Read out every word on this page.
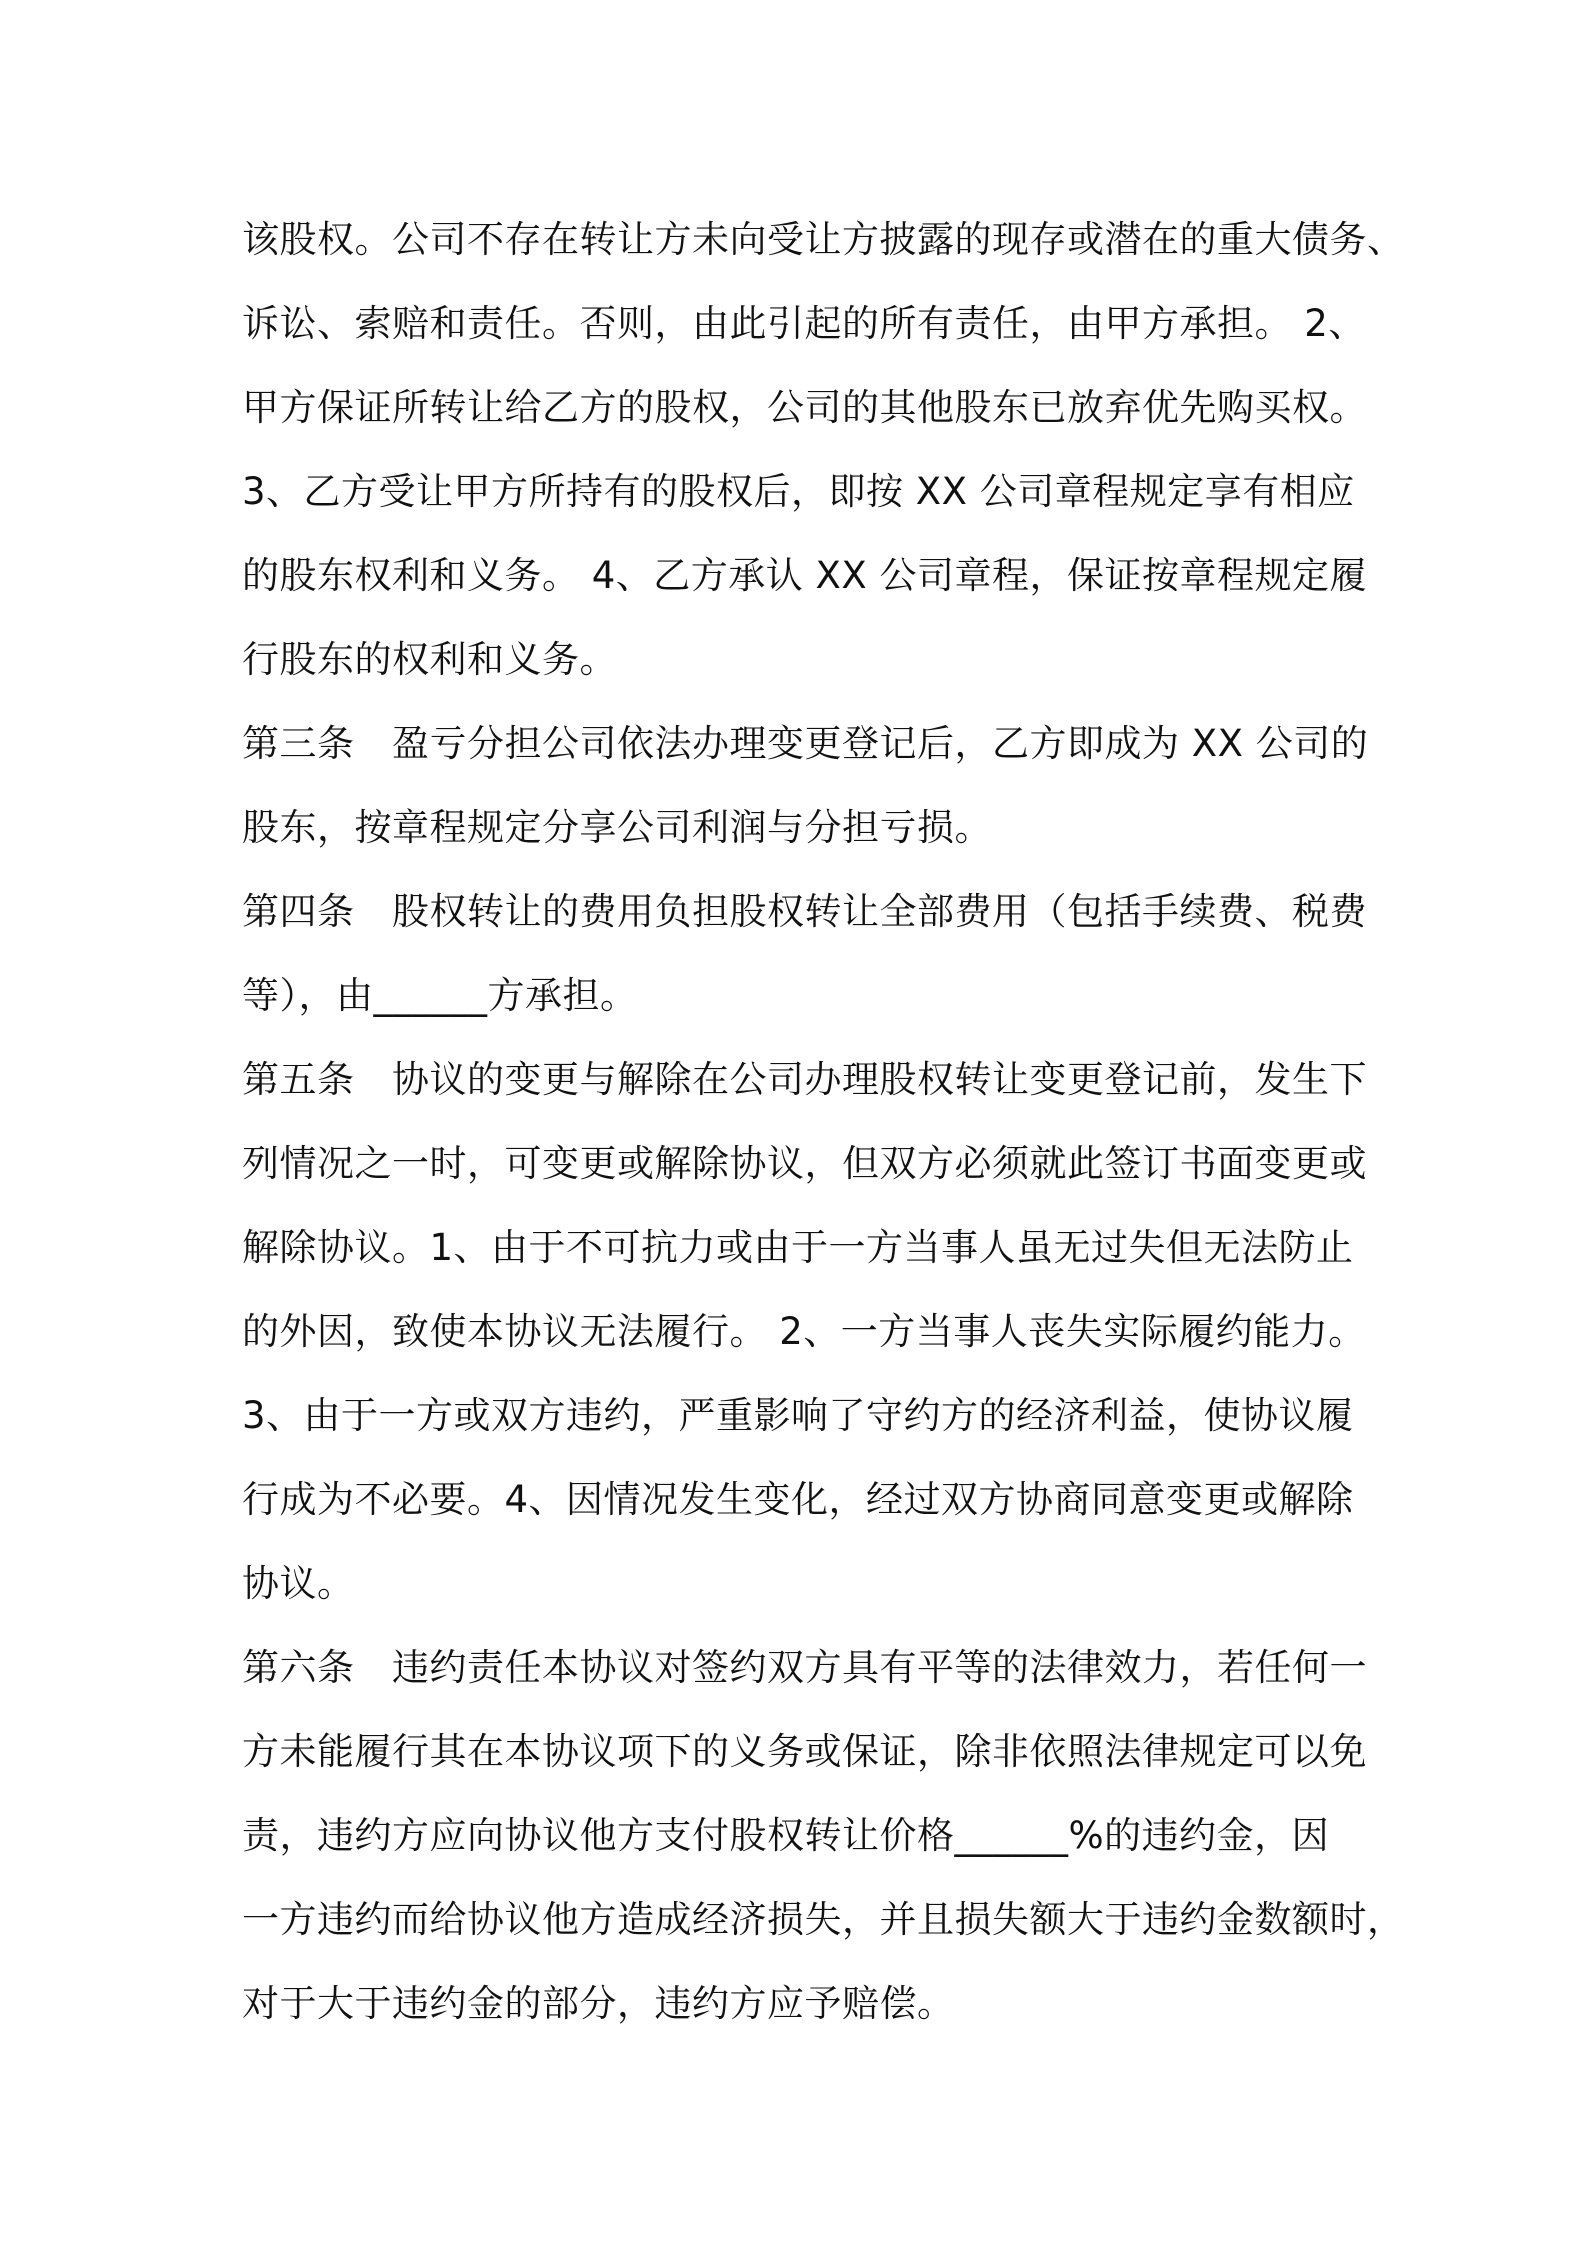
该股权。公司不存在转让方未向受让方披露的现存或潜在的重大债务、
诉讼、索赔和责任。否则，由此引起的所有责任，由甲方承担。 2、
甲方保证所转让给乙方的股权，公司的其他股东已放弃优先购买权。
3、乙方受让甲方所持有的股权后，即按 XX 公司章程规定享有相应
的股东权利和义务。 4、乙方承认 XX 公司章程，保证按章程规定履
行股东的权利和义务。
第三条 盈亏分担公司依法办理变更登记后，乙方即成为 XX 公司的
股东，按章程规定分享公司利润与分担亏损。
第四条 股权转让的费用负担股权转让全部费用（包括手续费、税费
等），由______方承担。
第五条 协议的变更与解除在公司办理股权转让变更登记前，发生下
列情况之一时，可变更或解除协议，但双方必须就此签订书面变更或
解除协议。1、由于不可抗力或由于一方当事人虽无过失但无法防止
的外因，致使本协议无法履行。 2、一方当事人丧失实际履约能力。
3、由于一方或双方违约，严重影响了守约方的经济利益，使协议履
行成为不必要。4、因情况发生变化，经过双方协商同意变更或解除
协议。
第六条 违约责任本协议对签约双方具有平等的法律效力，若任何一
方未能履行其在本协议项下的义务或保证，除非依照法律规定可以免
责，违约方应向协议他方支付股权转让价格______%的违约金，因
一方违约而给协议他方造成经济损失，并且损失额大于违约金数额时，
对于大于违约金的部分，违约方应予赔偿。
